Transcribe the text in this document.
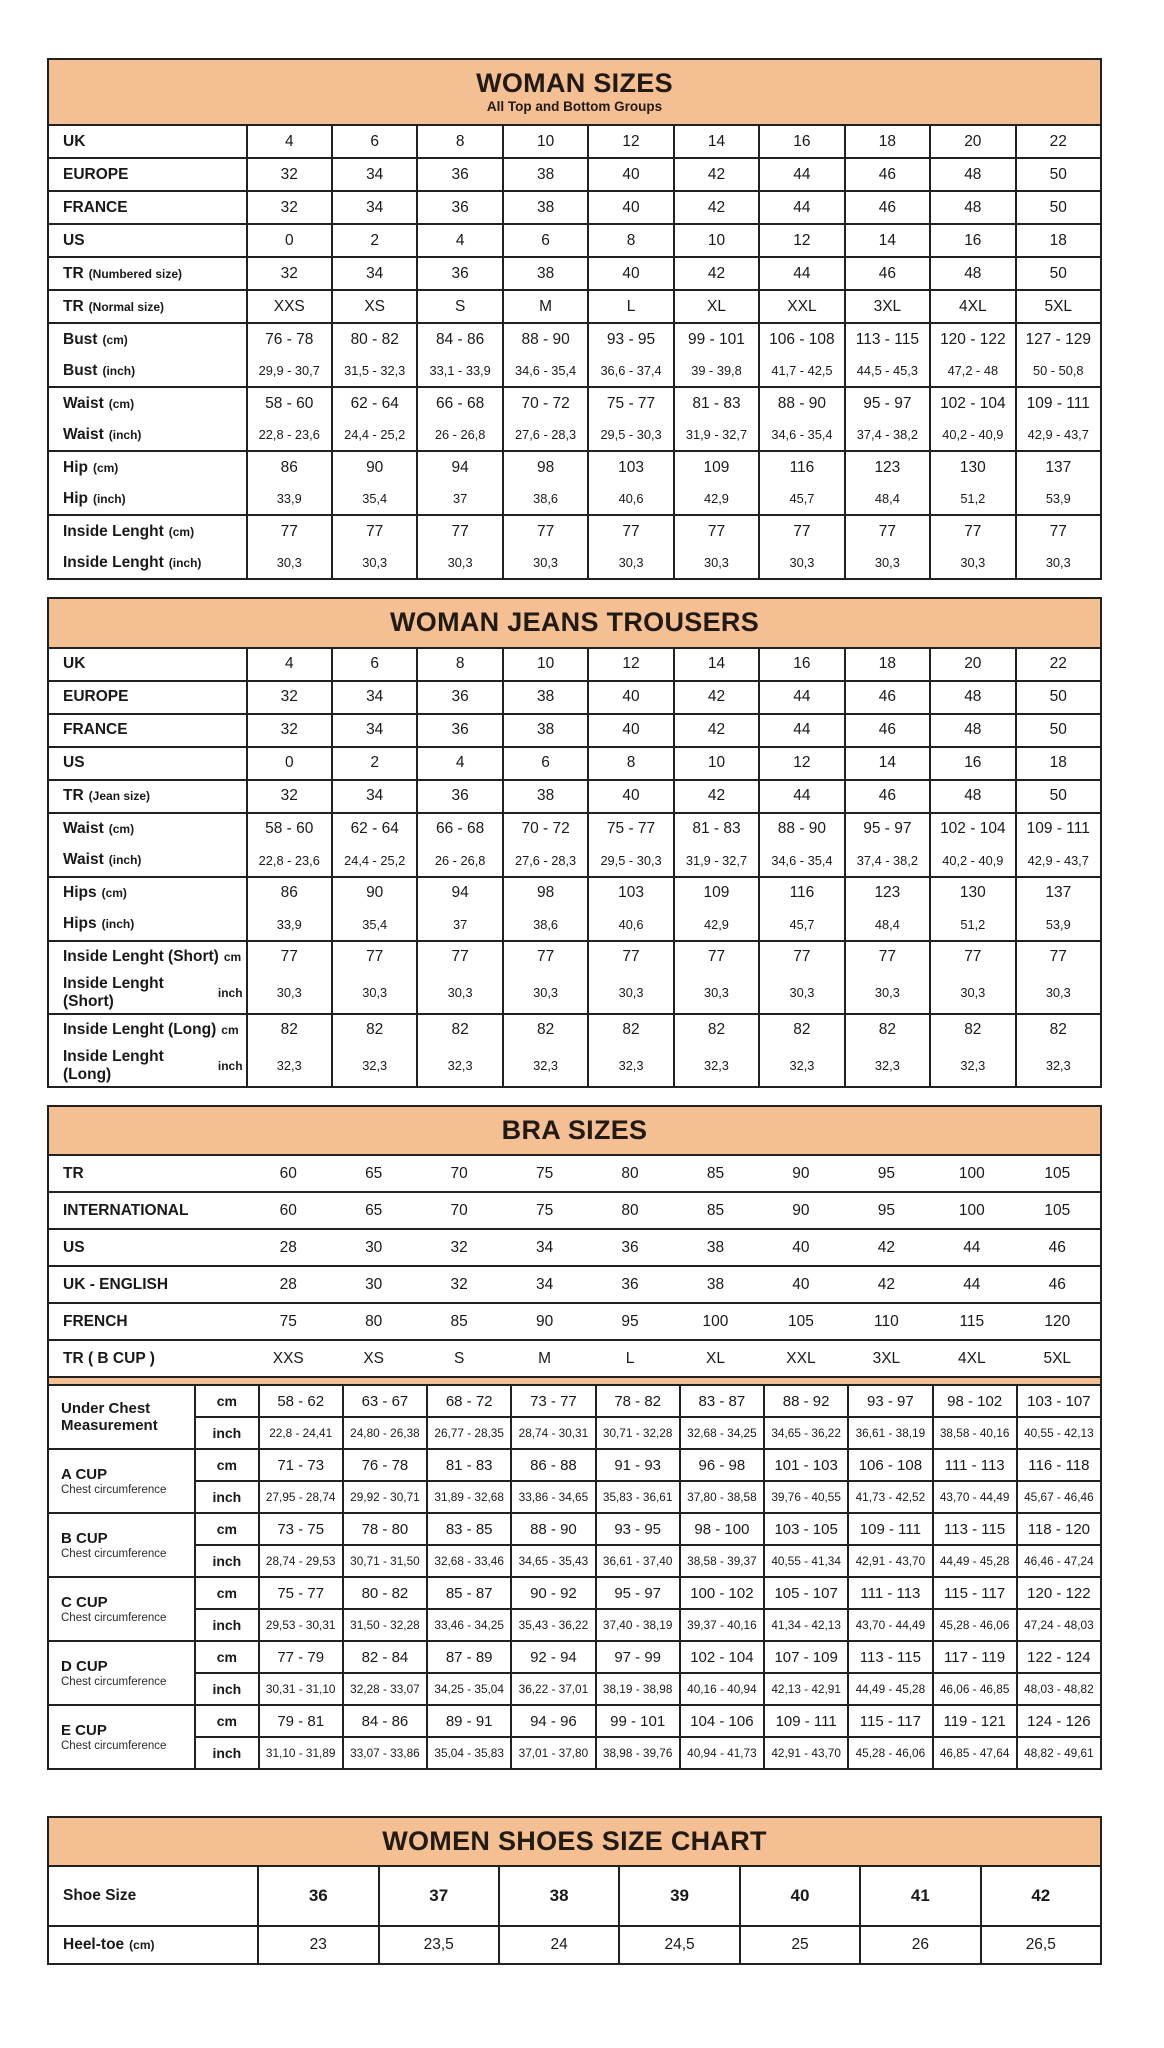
WOMAN SIZES
All Top and Bottom Groups
UK	4	6	8	10	12	14	16	18	20	22
EUROPE	32	34	36	38	40	42	44	46	48	50
FRANCE	32	34	36	38	40	42	44	46	48	50
US	0	2	4	6	8	10	12	14	16	18
TR (Numbered size)	32	34	36	38	40	42	44	46	48	50
TR (Normal size)	XXS	XS	S	M	L	XL	XXL	3XL	4XL	5XL
Bust (cm)	76 - 78	80 - 82	84 - 86	88 - 90	93 - 95	99 - 101	106 - 108	113 - 115	120 - 122	127 - 129
Bust (inch)	29,9 - 30,7	31,5 - 32,3	33,1 - 33,9	34,6 - 35,4	36,6 - 37,4	39 - 39,8	41,7 - 42,5	44,5 - 45,3	47,2 - 48	50 - 50,8
Waist (cm)	58 - 60	62 - 64	66 - 68	70 - 72	75 - 77	81 - 83	88 - 90	95 - 97	102 - 104	109 - 111
Waist (inch)	22,8 - 23,6	24,4 - 25,2	26 - 26,8	27,6 - 28,3	29,5 - 30,3	31,9 - 32,7	34,6 - 35,4	37,4 - 38,2	40,2 - 40,9	42,9 - 43,7
Hip (cm)	86	90	94	98	103	109	116	123	130	137
Hip (inch)	33,9	35,4	37	38,6	40,6	42,9	45,7	48,4	51,2	53,9
Inside Lenght (cm)	77	77	77	77	77	77	77	77	77	77
Inside Lenght (inch)	30,3	30,3	30,3	30,3	30,3	30,3	30,3	30,3	30,3	30,3
WOMAN JEANS TROUSERS
UK	4	6	8	10	12	14	16	18	20	22
EUROPE	32	34	36	38	40	42	44	46	48	50
FRANCE	32	34	36	38	40	42	44	46	48	50
US	0	2	4	6	8	10	12	14	16	18
TR (Jean size)	32	34	36	38	40	42	44	46	48	50
Waist (cm)	58 - 60	62 - 64	66 - 68	70 - 72	75 - 77	81 - 83	88 - 90	95 - 97	102 - 104	109 - 111
Waist (inch)	22,8 - 23,6	24,4 - 25,2	26 - 26,8	27,6 - 28,3	29,5 - 30,3	31,9 - 32,7	34,6 - 35,4	37,4 - 38,2	40,2 - 40,9	42,9 - 43,7
Hips (cm)	86	90	94	98	103	109	116	123	130	137
Hips (inch)	33,9	35,4	37	38,6	40,6	42,9	45,7	48,4	51,2	53,9
Inside Lenght (Short) cm	77	77	77	77	77	77	77	77	77	77
Inside Lenght (Short)	inch	30,3	30,3	30,3	30,3	30,3	30,3	30,3	30,3	30,3	30,3
Inside Lenght (Long) cm	82	82	82	82	82	82	82	82	82	82
Inside Lenght (Long)	inch	32,3	32,3	32,3	32,3	32,3	32,3	32,3	32,3	32,3	32,3
BRA SIZES
TR	60	65	70	75	80	85	90	95	100	105
INTERNATIONAL	60	65	70	75	80	85	90	95	100	105
US	28	30	32	34	36	38	40	42	44	46
UK - ENGLISH	28	30	32	34	36	38	40	42	44	46
FRENCH	75	80	85	90	95	100	105	110	115	120
TR ( B CUP )	XXS	XS	S	M	L	XL	XXL	3XL	4XL	5XL
Under Chest Measurement
cm	58 - 62	63 - 67	68 - 72	73 - 77	78 - 82	83 - 87	88 - 92	93 - 97	98 - 102	103 - 107
inch	22,8 - 24,41	24,80 - 26,38	26,77 - 28,35	28,74 - 30,31	30,71 - 32,28	32,68 - 34,25	34,65 - 36,22	36,61 - 38,19	38,58 - 40,16	40,55 - 42,13
A CUP
Chest circumference
cm	71 - 73	76 - 78	81 - 83	86 - 88	91 - 93	96 - 98	101 - 103	106 - 108	111 - 113	116 - 118
inch	27,95 - 28,74	29,92 - 30,71	31,89 - 32,68	33,86 - 34,65	35,83 - 36,61	37,80 - 38,58	39,76 - 40,55	41,73 - 42,52	43,70 - 44,49	45,67 - 46,46
B CUP
Chest circumference
cm	73 - 75	78 - 80	83 - 85	88 - 90	93 - 95	98 - 100	103 - 105	109 - 111	113 - 115	118 - 120
inch	28,74 - 29,53	30,71 - 31,50	32,68 - 33,46	34,65 - 35,43	36,61 - 37,40	38,58 - 39,37	40,55 - 41,34	42,91 - 43,70	44,49 - 45,28	46,46 - 47,24
C CUP
Chest circumference
cm	75 - 77	80 - 82	85 - 87	90 - 92	95 - 97	100 - 102	105 - 107	111 - 113	115 - 117	120 - 122
inch	29,53 - 30,31	31,50 - 32,28	33,46 - 34,25	35,43 - 36,22	37,40 - 38,19	39,37 - 40,16	41,34 - 42,13	43,70 - 44,49	45,28 - 46,06	47,24 - 48,03
D CUP
Chest circumference
cm	77 - 79	82 - 84	87 - 89	92 - 94	97 - 99	102 - 104	107 - 109	113 - 115	117 - 119	122 - 124
inch	30,31 - 31,10	32,28 - 33,07	34,25 - 35,04	36,22 - 37,01	38,19 - 38,98	40,16 - 40,94	42,13 - 42,91	44,49 - 45,28	46,06 - 46,85	48,03 - 48,82
E CUP
Chest circumference
cm	79 - 81	84 - 86	89 - 91	94 - 96	99 - 101	104 - 106	109 - 111	115 - 117	119 - 121	124 - 126
inch	31,10 - 31,89	33,07 - 33,86	35,04 - 35,83	37,01 - 37,80	38,98 - 39,76	40,94 - 41,73	42,91 - 43,70	45,28 - 46,06	46,85 - 47,64	48,82 - 49,61
WOMEN SHOES SIZE CHART
Shoe Size	36	37	38	39	40	41	42
Heel-toe (cm)	23	23,5	24	24,5	25	26	26,5
